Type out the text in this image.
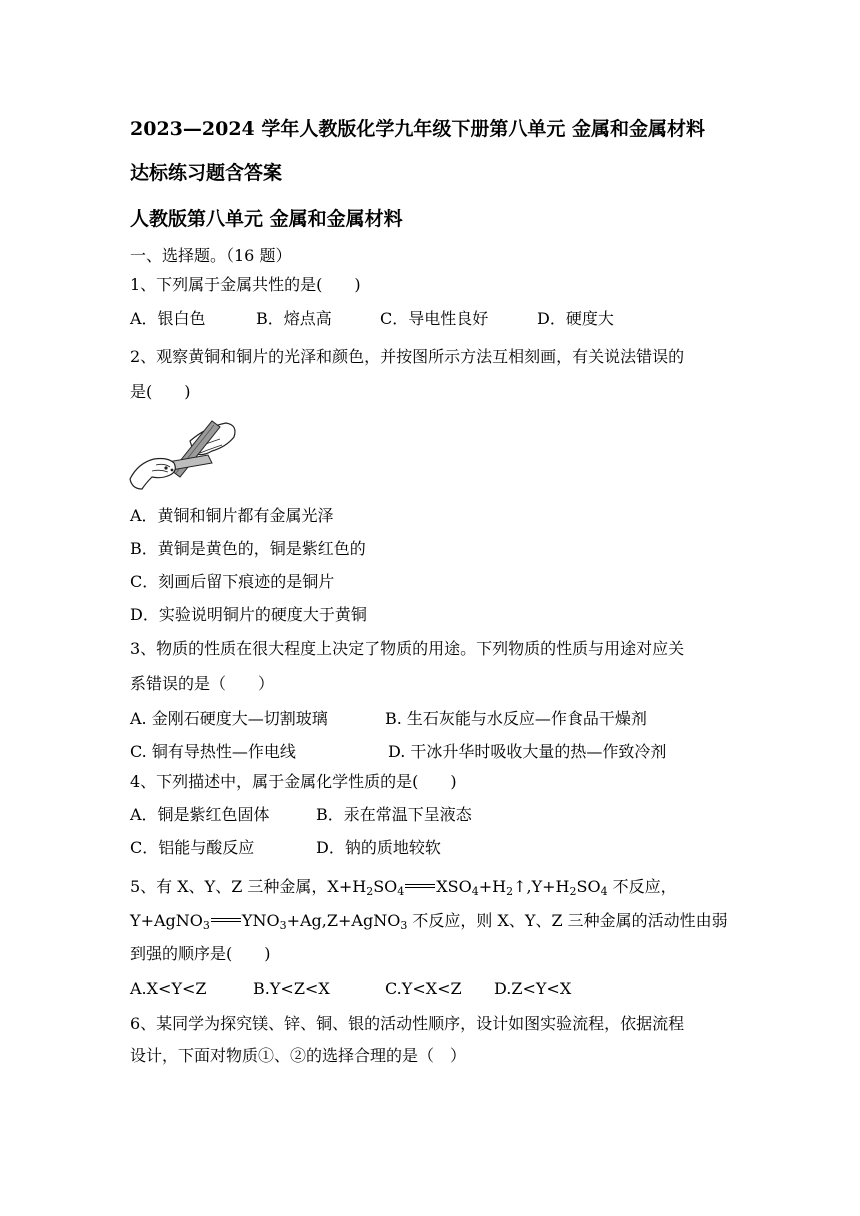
2023—2024 学年人教版化学九年级下册第八单元 金属和金属材料
达标练习题含答案
人教版第八单元 金属和金属材料
一、选择题。（16 题）
1、下列属于金属共性的是(　　)
A．银白色	B．熔点高	C．导电性良好	D．硬度大
2、观察黄铜和铜片的光泽和颜色，并按图所示方法互相刻画，有关说法错误的
是(　　)
A．黄铜和铜片都有金属光泽
B．黄铜是黄色的，铜是紫红色的
C．刻画后留下痕迹的是铜片
D．实验说明铜片的硬度大于黄铜
3、物质的性质在很大程度上决定了物质的用途。下列物质的性质与用途对应关
系错误的是（　　）
A. 金刚石硬度大—切割玻璃	B. 生石灰能与水反应—作食品干燥剂
C. 铜有导热性—作电线	D. 干冰升华时吸收大量的热—作致冷剂
4、下列描述中，属于金属化学性质的是(　　)
A．铜是紫红色固体	B．汞在常温下呈液态
C．铝能与酸反应	D．钠的质地较软
5、有 X、Y、Z 三种金属，$X+H_2SO_4$ $XSO_4+H_2↑,Y+H_2SO_4$ 不反应，
Y+AgNO$_3$ $YNO_3+Ag,Z+AgNO_3$ 不反应，则 X、Y、Z 三种金属的活动性由弱
到强的顺序是(　　)
A.X<Y<Z	B.Y<Z<X	C.Y<X<Z D.Z<Y<X
6、某同学为探究镁、锌、铜、银的活动性顺序，设计如图实验流程，依据流程
设计，下面对物质①、②的选择合理的是（　）
